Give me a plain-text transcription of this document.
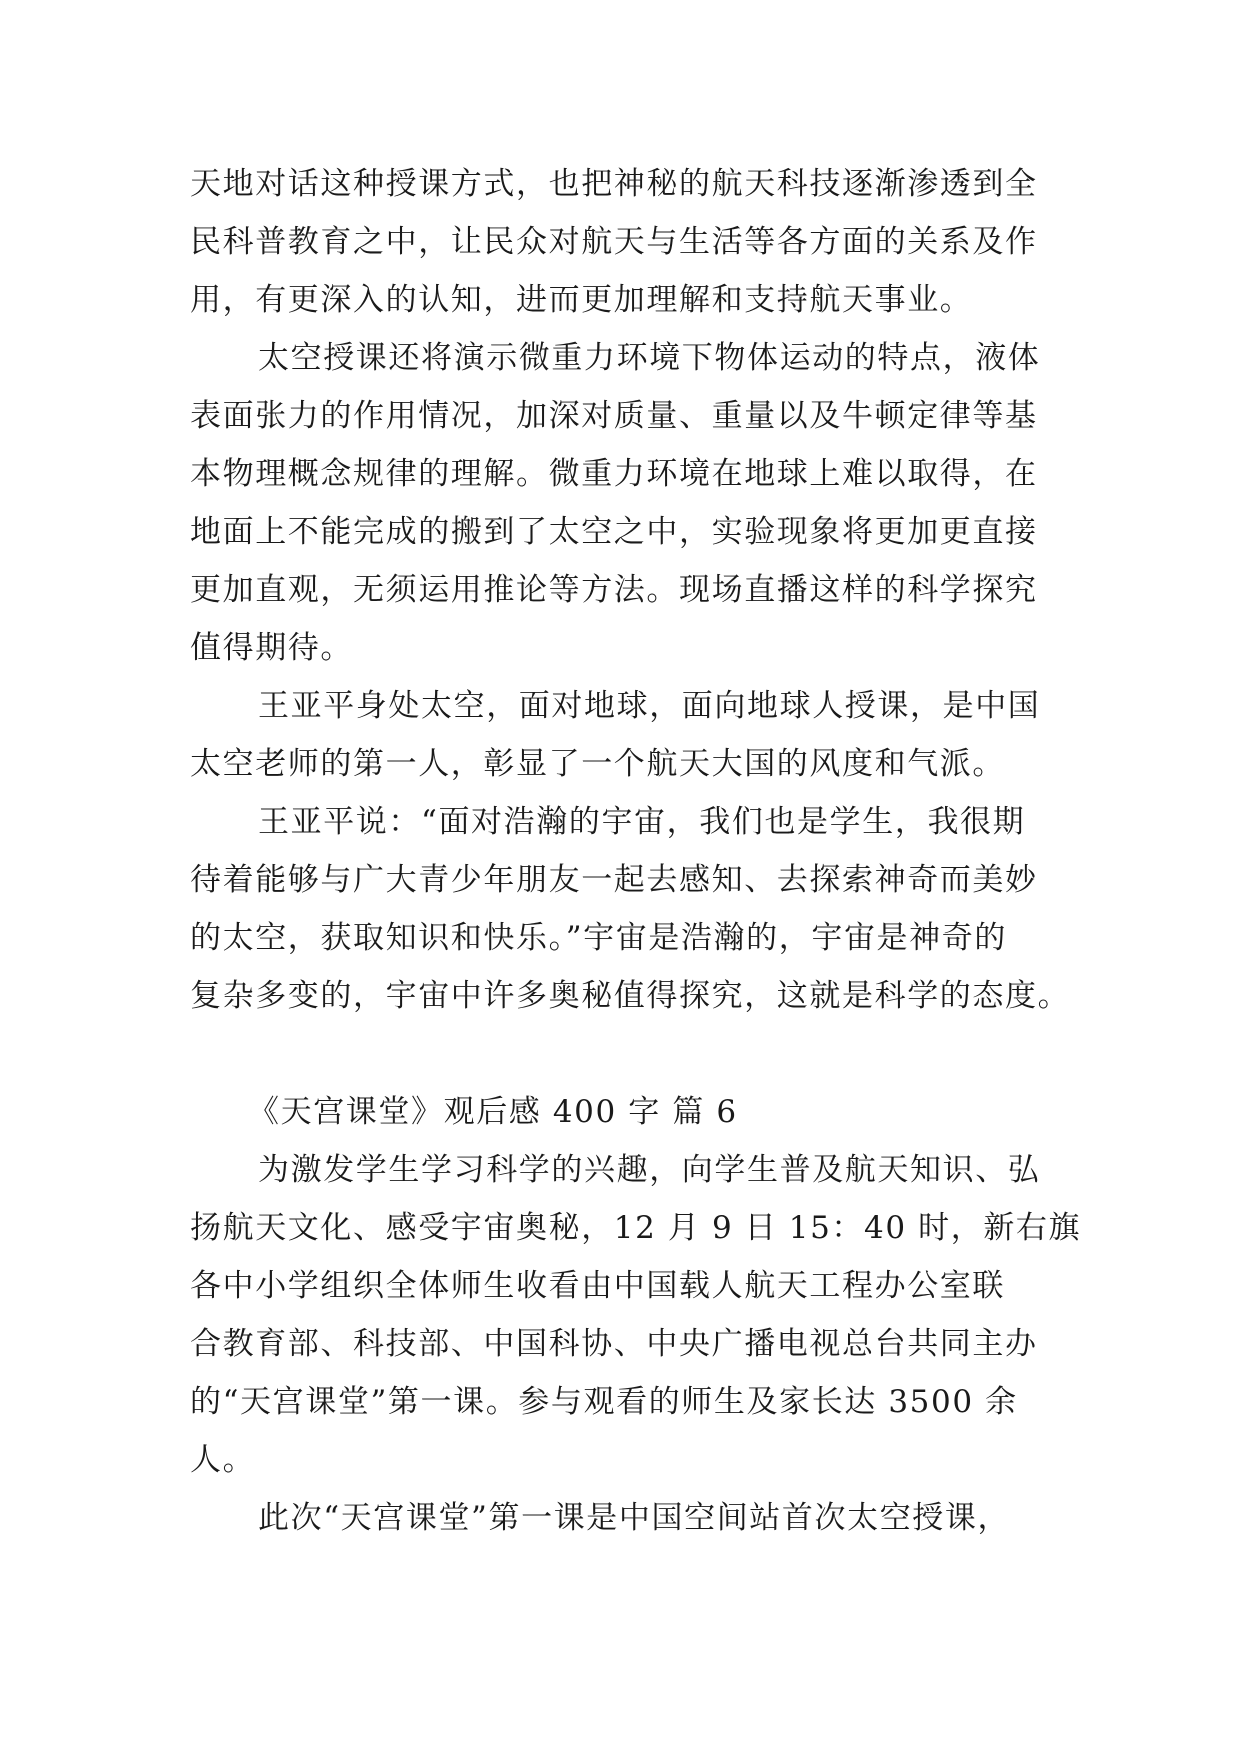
天地对话这种授课方式，也把神秘的航天科技逐渐渗透到全
民科普教育之中，让民众对航天与生活等各方面的关系及作
用，有更深入的认知，进而更加理解和支持航天事业。
太空授课还将演示微重力环境下物体运动的特点，液体
表面张力的作用情况，加深对质量、重量以及牛顿定律等基
本物理概念规律的理解。微重力环境在地球上难以取得，在
地面上不能完成的搬到了太空之中，实验现象将更加更直接
更加直观，无须运用推论等方法。现场直播这样的科学探究
值得期待。
王亚平身处太空，面对地球，面向地球人授课，是中国
太空老师的第一人，彰显了一个航天大国的风度和气派。
王亚平说：“面对浩瀚的宇宙，我们也是学生，我很期
待着能够与广大青少年朋友一起去感知、去探索神奇而美妙
的太空，获取知识和快乐。”宇宙是浩瀚的，宇宙是神奇的
复杂多变的，宇宙中许多奥秘值得探究，这就是科学的态度。
《天宫课堂》观后感 400 字 篇 6
为激发学生学习科学的兴趣，向学生普及航天知识、弘
扬航天文化、感受宇宙奥秘，12 月 9 日 15：40 时，新右旗
各中小学组织全体师生收看由中国载人航天工程办公室联
合教育部、科技部、中国科协、中央广播电视总台共同主办
的“天宫课堂”第一课。参与观看的师生及家长达 3500 余
人。
此次“天宫课堂”第一课是中国空间站首次太空授课，
